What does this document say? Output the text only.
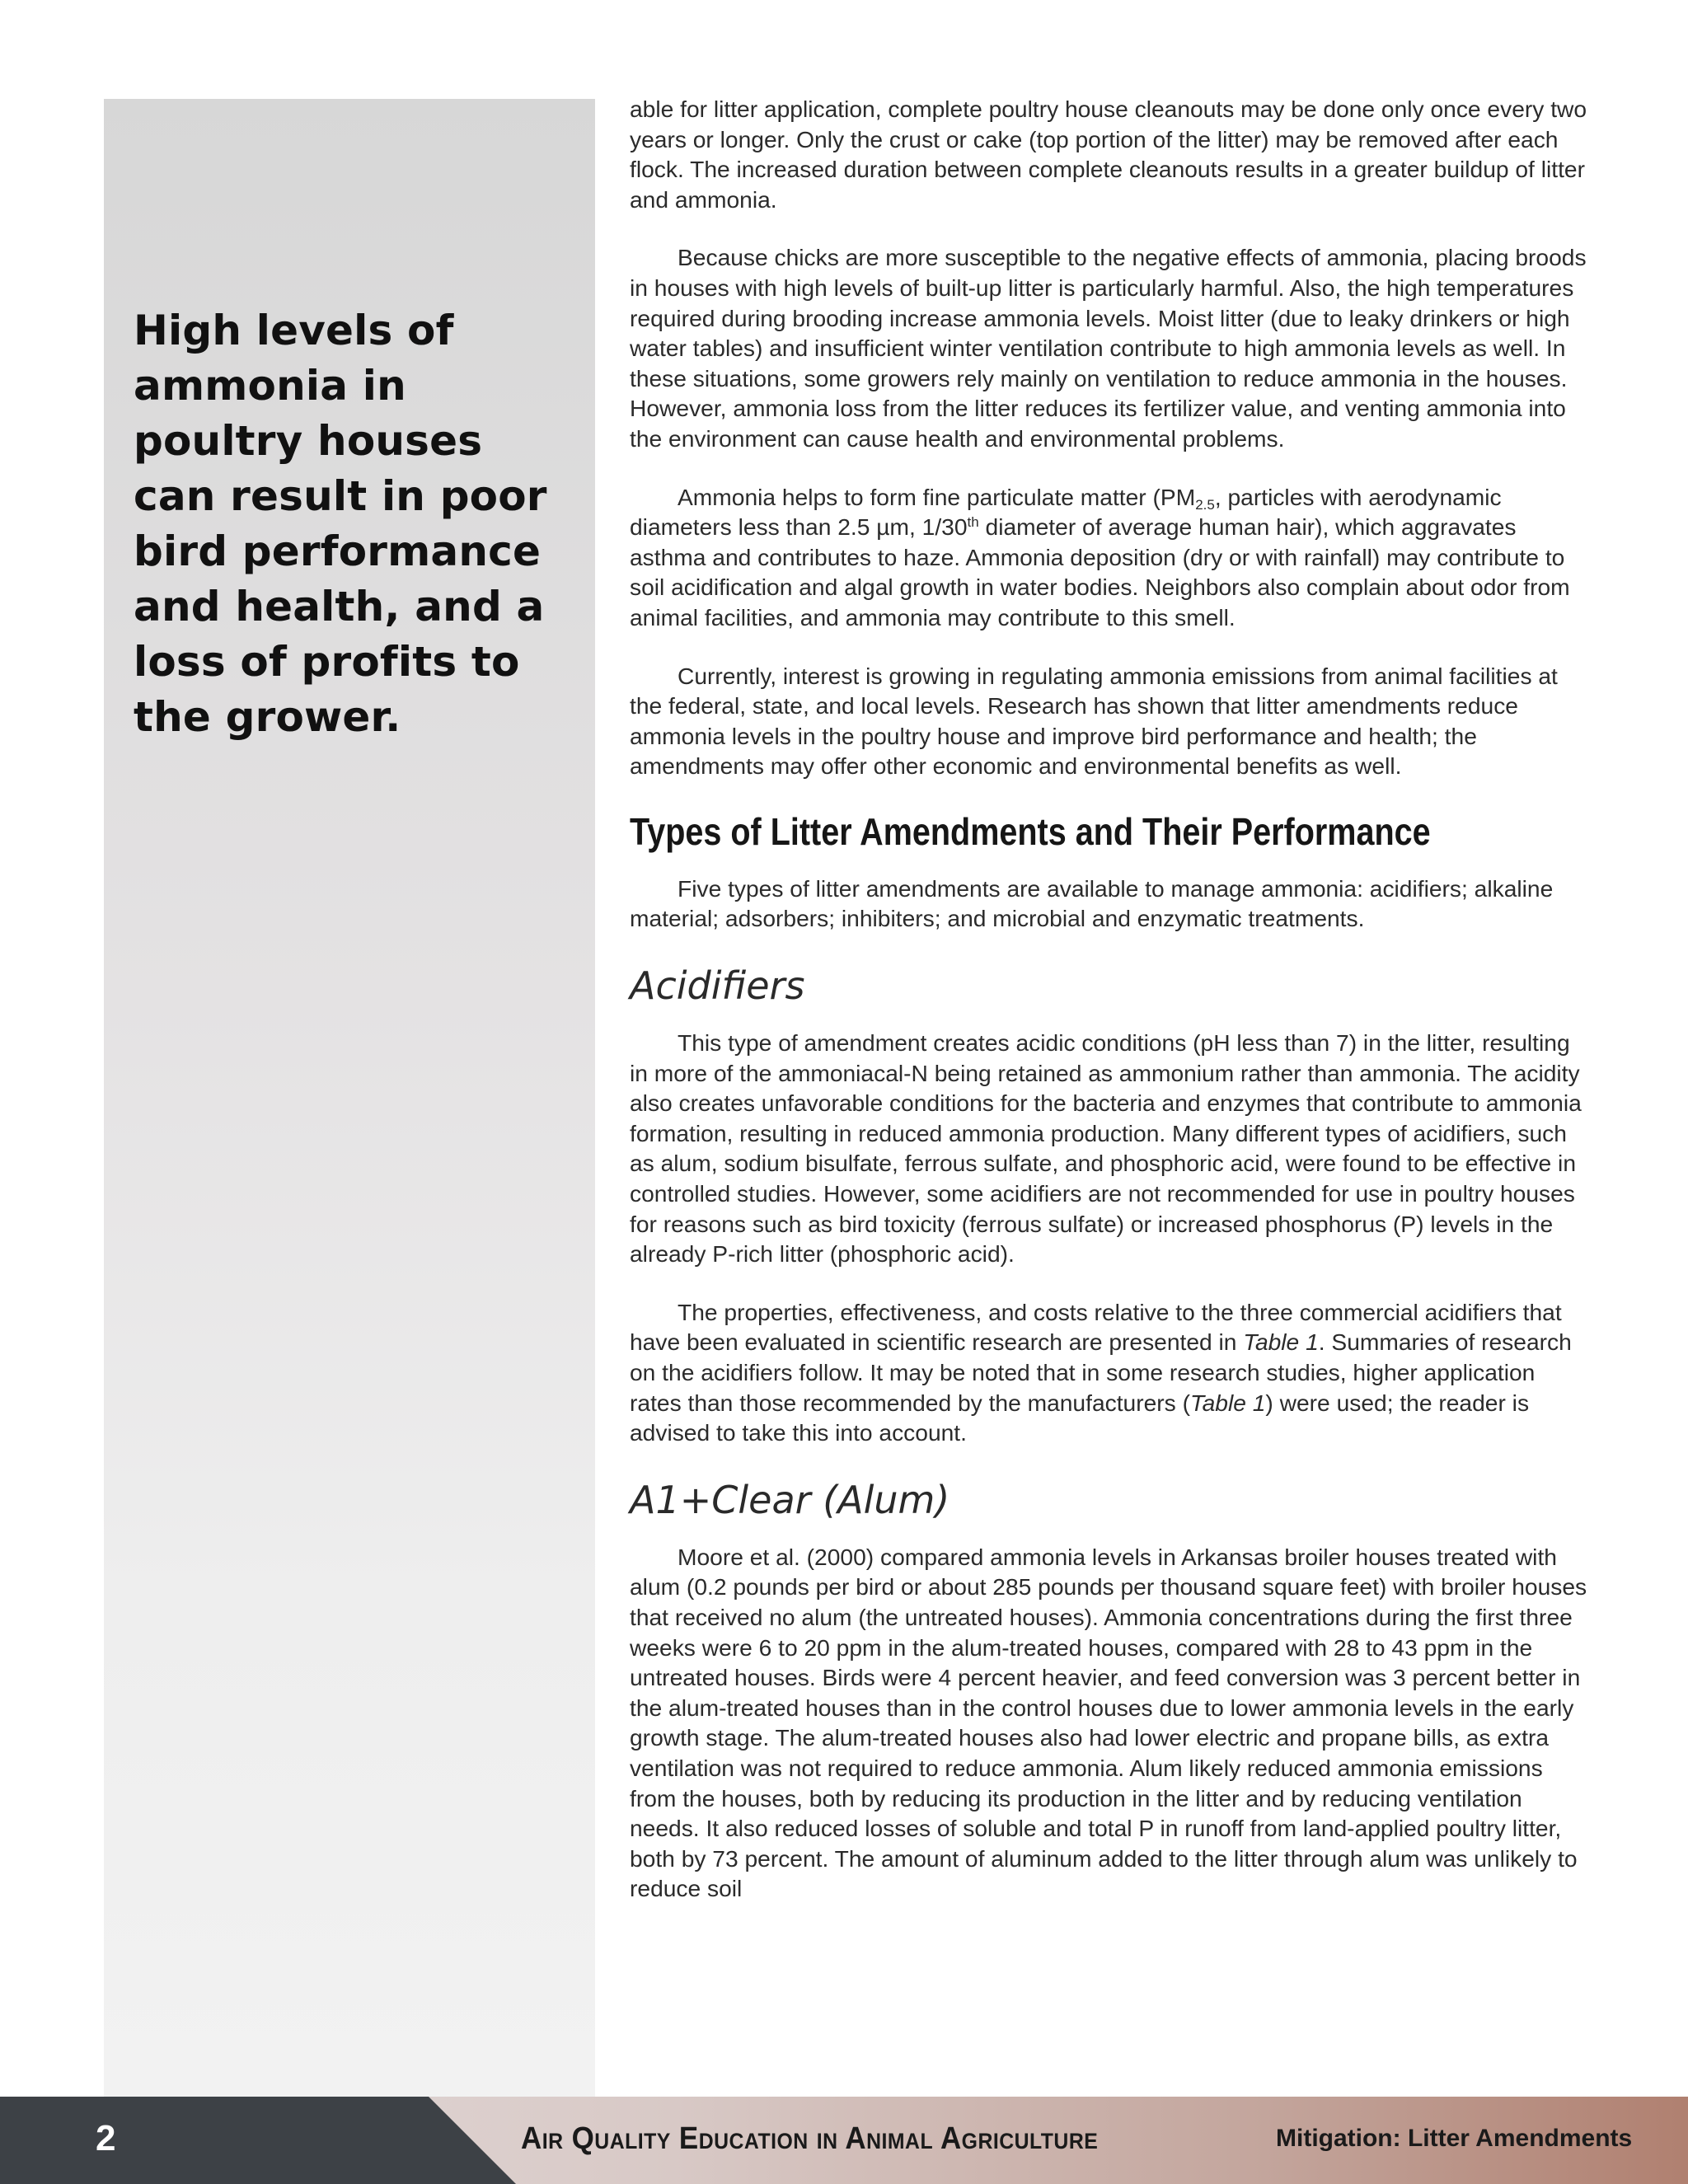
High levels of ammonia in poultry houses can result in poor bird performance and health, and a loss of profits to the grower.

able for litter application, complete poultry house cleanouts may be done only once every two years or longer. Only the crust or cake (top portion of the litter) may be removed after each flock. The increased duration between complete cleanouts results in a greater buildup of litter and ammonia.

Because chicks are more susceptible to the negative effects of ammonia, placing broods in houses with high levels of built-up litter is particularly harmful. Also, the high temperatures required during brooding increase ammonia levels. Moist litter (due to leaky drinkers or high water tables) and insufficient winter ventilation contribute to high ammonia levels as well. In these situations, some growers rely mainly on ventilation to reduce ammonia in the houses. However, ammonia loss from the litter reduces its fertilizer value, and venting ammonia into the environment can cause health and environmental problems.

Ammonia helps to form fine particulate matter ($PM_{2.5}$, particles with aerodynamic diameters less than 2.5 µm, 1/30th diameter of average human hair), which aggravates asthma and contributes to haze. Ammonia deposition (dry or with rainfall) may contribute to soil acidification and algal growth in water bodies. Neighbors also complain about odor from animal facilities, and ammonia may contribute to this smell.

Currently, interest is growing in regulating ammonia emissions from animal facilities at the federal, state, and local levels. Research has shown that litter amendments reduce ammonia levels in the poultry house and improve bird performance and health; the amendments may offer other economic and environmental benefits as well.

Types of Litter Amendments and Their Performance

Five types of litter amendments are available to manage ammonia: acidifiers; alkaline material; adsorbers; inhibiters; and microbial and enzymatic treatments.

Acidifiers

This type of amendment creates acidic conditions (pH less than 7) in the litter, resulting in more of the ammoniacal-N being retained as ammonium rather than ammonia. The acidity also creates unfavorable conditions for the bacteria and enzymes that contribute to ammonia formation, resulting in reduced ammonia production. Many different types of acidifiers, such as alum, sodium bisulfate, ferrous sulfate, and phosphoric acid, were found to be effective in controlled studies. However, some acidifiers are not recommended for use in poultry houses for reasons such as bird toxicity (ferrous sulfate) or increased phosphorus (P) levels in the already P-rich litter (phosphoric acid).

The properties, effectiveness, and costs relative to the three commercial acidifiers that have been evaluated in scientific research are presented in Table 1. Summaries of research on the acidifiers follow. It may be noted that in some research studies, higher application rates than those recommended by the manufacturers (Table 1) were used; the reader is advised to take this into account.

A1+Clear (Alum)

Moore et al. (2000) compared ammonia levels in Arkansas broiler houses treated with alum (0.2 pounds per bird or about 285 pounds per thousand square feet) with broiler houses that received no alum (the untreated houses). Ammonia concentrations during the first three weeks were 6 to 20 ppm in the alum-treated houses, compared with 28 to 43 ppm in the untreated houses. Birds were 4 percent heavier, and feed conversion was 3 percent better in the alum-treated houses than in the control houses due to lower ammonia levels in the early growth stage. The alum-treated houses also had lower electric and propane bills, as extra ventilation was not required to reduce ammonia. Alum likely reduced ammonia emissions from the houses, both by reducing its production in the litter and by reducing ventilation needs. It also reduced losses of soluble and total P in runoff from land-applied poultry litter, both by 73 percent. The amount of aluminum added to the litter through alum was unlikely to reduce soil

2	Air Quality Education in Animal Agriculture	Mitigation: Litter Amendments
